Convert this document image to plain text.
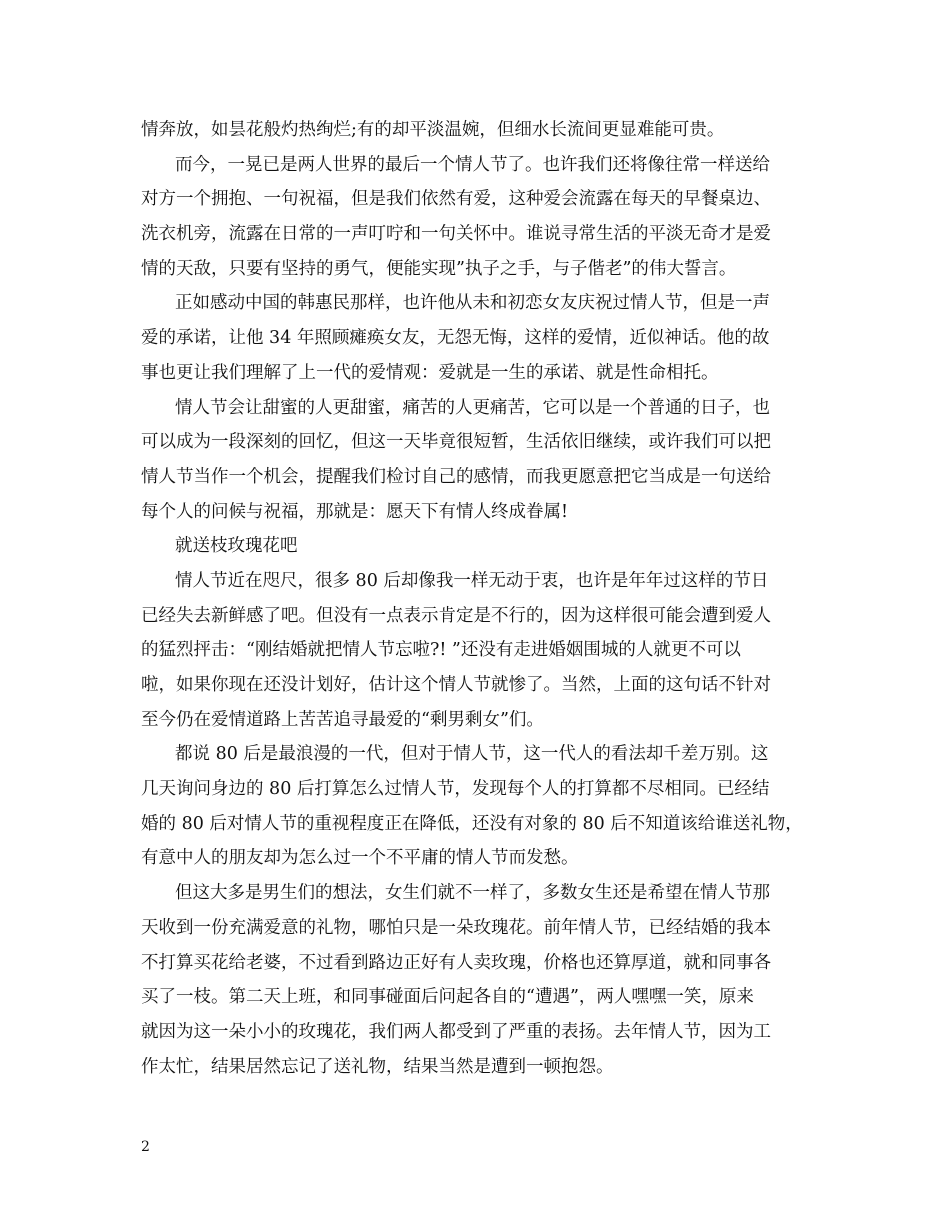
情奔放，如昙花般灼热绚烂;有的却平淡温婉，但细水长流间更显难能可贵。
而今，一晃已是两人世界的最后一个情人节了。也许我们还将像往常一样送给
对方一个拥抱、一句祝福，但是我们依然有爱，这种爱会流露在每天的早餐桌边、
洗衣机旁，流露在日常的一声叮咛和一句关怀中。谁说寻常生活的平淡无奇才是爱
情的天敌，只要有坚持的勇气，便能实现”执子之手，与子偕老”的伟大誓言。
正如感动中国的韩惠民那样，也许他从未和初恋女友庆祝过情人节，但是一声
爱的承诺，让他 34 年照顾瘫痪女友，无怨无悔，这样的爱情，近似神话。他的故
事也更让我们理解了上一代的爱情观：爱就是一生的承诺、就是性命相托。
情人节会让甜蜜的人更甜蜜，痛苦的人更痛苦，它可以是一个普通的日子，也
可以成为一段深刻的回忆，但这一天毕竟很短暂，生活依旧继续，或许我们可以把
情人节当作一个机会，提醒我们检讨自己的感情，而我更愿意把它当成是一句送给
每个人的问候与祝福，那就是：愿天下有情人终成眷属!
就送枝玫瑰花吧
情人节近在咫尺，很多 80 后却像我一样无动于衷，也许是年年过这样的节日
已经失去新鲜感了吧。但没有一点表示肯定是不行的，因为这样很可能会遭到爱人
的猛烈抨击：“刚结婚就把情人节忘啦?! ”还没有走进婚姻围城的人就更不可以
啦，如果你现在还没计划好，估计这个情人节就惨了。当然，上面的这句话不针对
至今仍在爱情道路上苦苦追寻最爱的“剩男剩女”们。
都说 80 后是最浪漫的一代，但对于情人节，这一代人的看法却千差万别。这
几天询问身边的 80 后打算怎么过情人节，发现每个人的打算都不尽相同。已经结
婚的 80 后对情人节的重视程度正在降低，还没有对象的 80 后不知道该给谁送礼物，
有意中人的朋友却为怎么过一个不平庸的情人节而发愁。
但这大多是男生们的想法，女生们就不一样了，多数女生还是希望在情人节那
天收到一份充满爱意的礼物，哪怕只是一朵玫瑰花。前年情人节，已经结婚的我本
不打算买花给老婆，不过看到路边正好有人卖玫瑰，价格也还算厚道，就和同事各
买了一枝。第二天上班，和同事碰面后问起各自的“遭遇”，两人嘿嘿一笑，原来
就因为这一朵小小的玫瑰花，我们两人都受到了严重的表扬。去年情人节，因为工
作太忙，结果居然忘记了送礼物，结果当然是遭到一顿抱怨。
2
